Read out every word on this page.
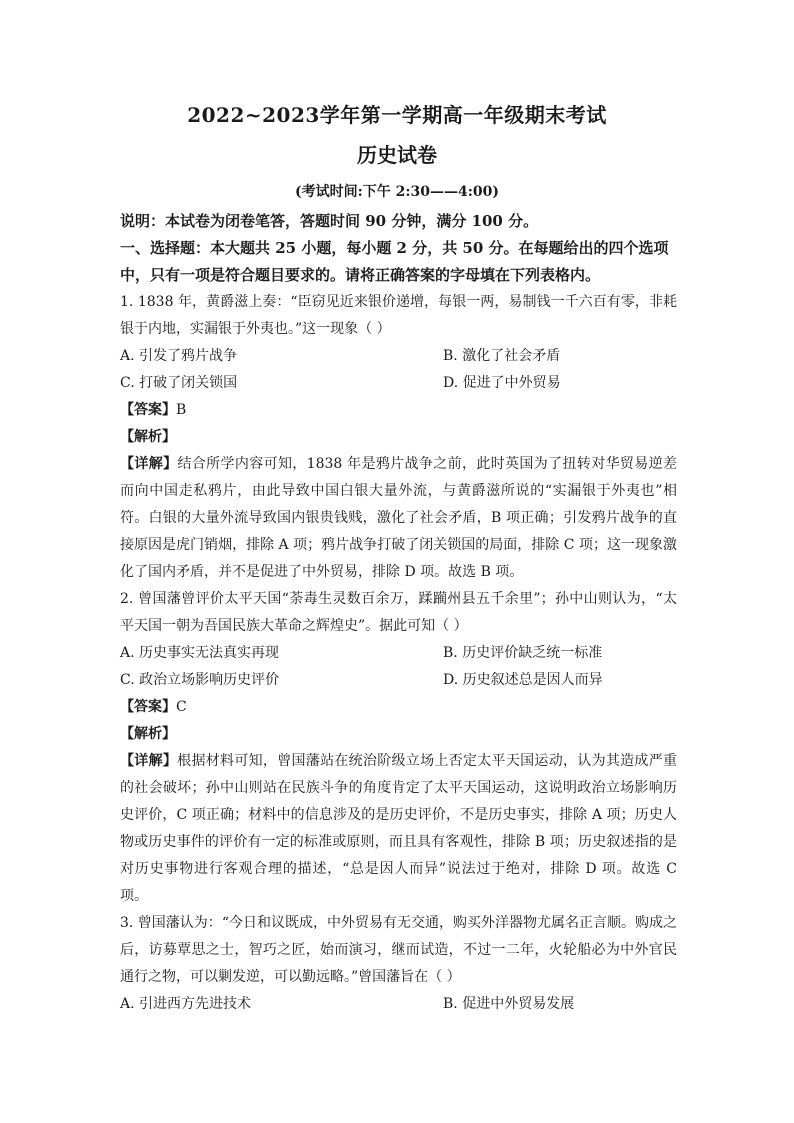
2022~2023学年第一学期高一年级期末考试
历史试卷
(考试时间:下午 2:30——4:00)

说明：本试卷为闭卷笔答，答题时间 90 分钟，满分 100 分。

一、选择题：本大题共 25 小题，每小题 2 分，共 50 分。在每题给出的四个选项中，只有一项是符合题目要求的。请将正确答案的字母填在下列表格内。

1. 1838 年，黄爵滋上奏：“臣窃见近来银价递增，每银一两，易制钱一千六百有零，非耗银于内地，实漏银于外夷也。”这一现象（ ）

A. 引发了鸦片战争	B. 激化了社会矛盾
C. 打破了闭关锁国	D. 促进了中外贸易

【答案】B

【解析】

【详解】结合所学内容可知，1838 年是鸦片战争之前，此时英国为了扭转对华贸易逆差而向中国走私鸦片，由此导致中国白银大量外流，与黄爵滋所说的“实漏银于外夷也”相符。白银的大量外流导致国内银贵钱贱，激化了社会矛盾，B 项正确；引发鸦片战争的直接原因是虎门销烟，排除 A 项；鸦片战争打破了闭关锁国的局面，排除 C 项；这一现象激化了国内矛盾，并不是促进了中外贸易，排除 D 项。故选 B 项。

2. 曾国藩曾评价太平天国“荼毒生灵数百余万，蹂躏州县五千余里”；孙中山则认为，“太平天国一朝为吾国民族大革命之辉煌史”。据此可知（ ）

A. 历史事实无法真实再现	B. 历史评价缺乏统一标准
C. 政治立场影响历史评价	D. 历史叙述总是因人而异

【答案】C

【解析】

【详解】根据材料可知，曾国藩站在统治阶级立场上否定太平天国运动，认为其造成严重的社会破坏；孙中山则站在民族斗争的角度肯定了太平天国运动，这说明政治立场影响历史评价，C 项正确；材料中的信息涉及的是历史评价，不是历史事实，排除 A 项；历史人物或历史事件的评价有一定的标准或原则，而且具有客观性，排除 B 项；历史叙述指的是对历史事物进行客观合理的描述，“总是因人而异”说法过于绝对，排除 D 项。故选 C 项。

3. 曾国藩认为：“今日和议既成，中外贸易有无交通，购买外洋器物尤属名正言顺。购成之后，访募覃思之士，智巧之匠，始而演习，继而试造，不过一二年，火轮船必为中外官民通行之物，可以剿发逆，可以勤远略。”曾国藩旨在（ ）

A. 引进西方先进技术	B. 促进中外贸易发展
